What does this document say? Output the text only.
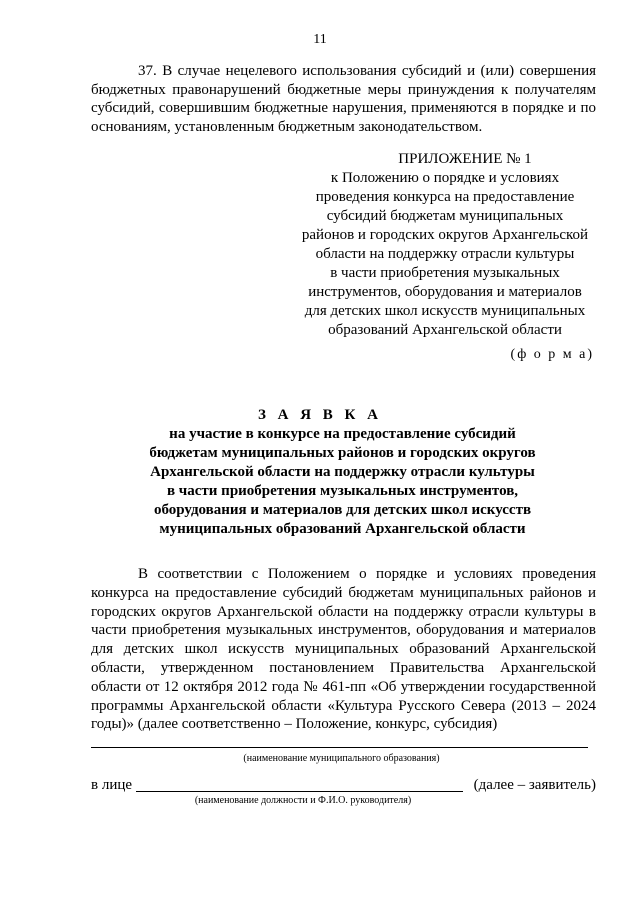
11

37. В случае нецелевого использования субсидий и (или) совершения бюджетных правонарушений бюджетные меры принуждения к получателям субсидий, совершившим бюджетные нарушения, применяются в порядке и по основаниям, установленным бюджетным законодательством.

ПРИЛОЖЕНИЕ № 1
к Положению о порядке и условиях
проведения конкурса на предоставление
субсидий бюджетам муниципальных
районов и городских округов Архангельской
области на поддержку отрасли культуры
в части приобретения музыкальных
инструментов, оборудования и материалов
для детских школ искусств муниципальных
образований Архангельской области
(ф о р м а)
З А Я В К А
на участие в конкурсе на предоставление субсидий
бюджетам муниципальных районов и городских округов
Архангельской области на поддержку отрасли культуры
в части приобретения музыкальных инструментов,
оборудования и материалов для детских школ искусств
муниципальных образований Архангельской области

В соответствии с Положением о порядке и условиях проведения конкурса на предоставление субсидий бюджетам муниципальных районов и городских округов Архангельской области на поддержку отрасли культуры в части приобретения музыкальных инструментов, оборудования и материалов для детских школ искусств муниципальных образований Архангельской области, утвержденном постановлением Правительства Архангельской области от 12 октября 2012 года № 461-пп «Об утверждении государственной программы Архангельской области «Культура Русского Севера (2013 – 2024 годы)» (далее соответственно – Положение, конкурс, субсидия)

(наименование муниципального образования)
в лице	(далее – заявитель)
(наименование должности и Ф.И.О. руководителя)
